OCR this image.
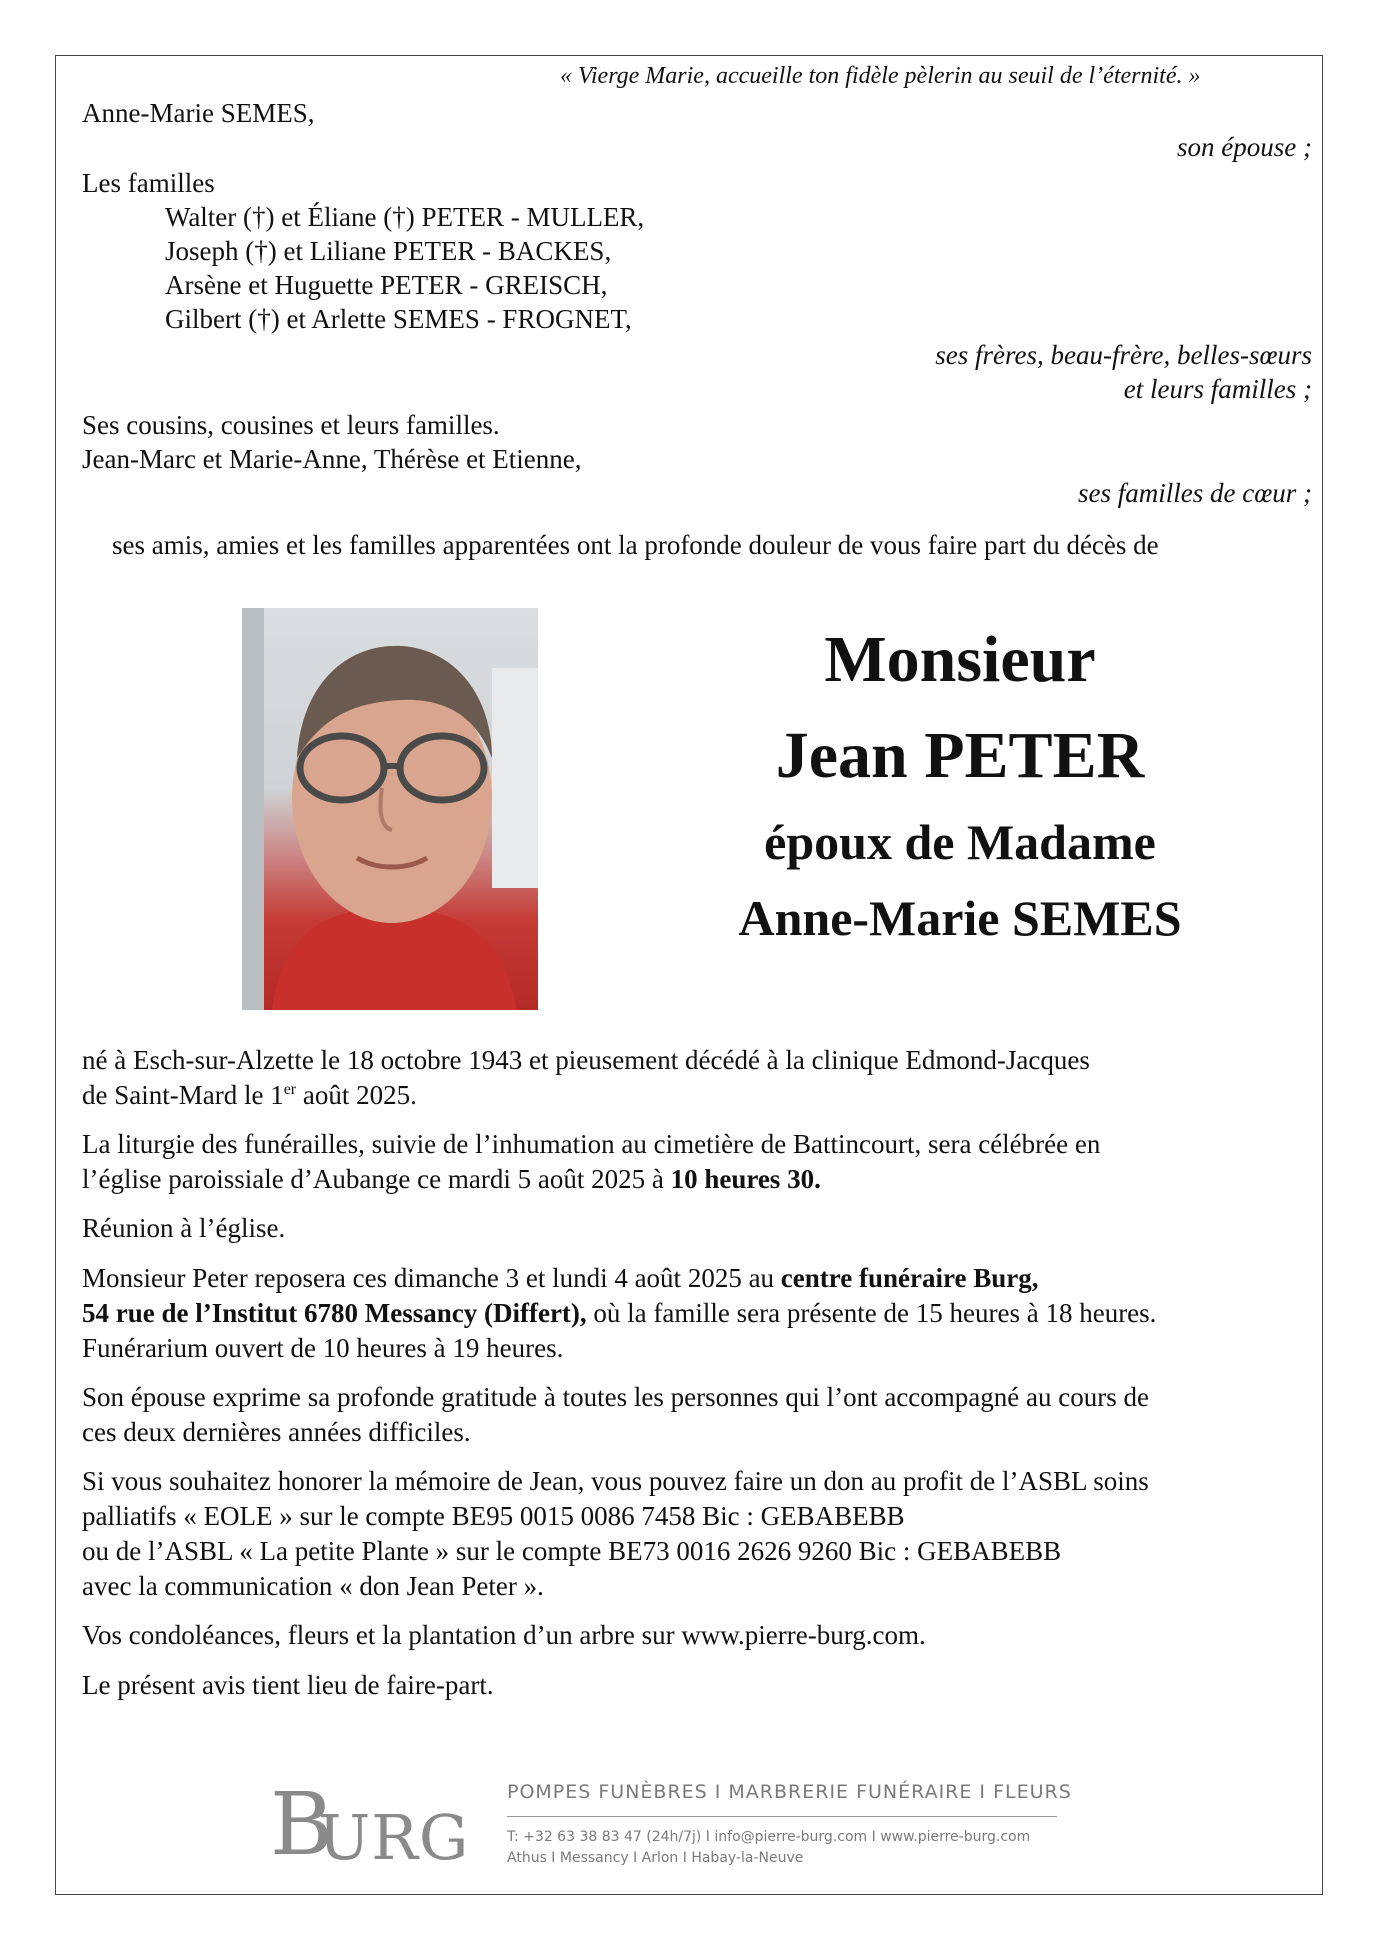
« Vierge Marie, accueille ton fidèle pèlerin au seuil de l’éternité. »
Anne-Marie SEMES,
son épouse ;
Les familles
Walter (†) et Éliane (†) PETER - MULLER,
Joseph (†) et Liliane PETER - BACKES,
Arsène et Huguette PETER - GREISCH,
Gilbert (†) et Arlette SEMES - FROGNET,
ses frères, beau-frère, belles-sœurs
et leurs familles ;
Ses cousins, cousines et leurs familles.
Jean-Marc et Marie-Anne, Thérèse et Etienne,
ses familles de cœur ;
ses amis, amies et les familles apparentées ont la profonde douleur de vous faire part du décès de
Monsieur
Jean PETER
époux de Madame
Anne-Marie SEMES

né à Esch-sur-Alzette le 18 octobre 1943 et pieusement décédé à la clinique Edmond-Jacques

de Saint-Mard le 1er août 2025.

La liturgie des funérailles, suivie de l’inhumation au cimetière de Battincourt, sera célébrée en

l’église paroissiale d’Aubange ce mardi 5 août 2025 à 10 heures 30.

Réunion à l’église.

Monsieur Peter reposera ces dimanche 3 et lundi 4 août 2025 au centre funéraire Burg,

54 rue de l’Institut 6780 Messancy (Differt), où la famille sera présente de 15 heures à 18 heures.

Funérarium ouvert de 10 heures à 19 heures.

Son épouse exprime sa profonde gratitude à toutes les personnes qui l’ont accompagné au cours de

ces deux dernières années difficiles.

Si vous souhaitez honorer la mémoire de Jean, vous pouvez faire un don au profit de l’ASBL soins

palliatifs « EOLE » sur le compte BE95 0015 0086 7458 Bic : GEBABEBB

ou de l’ASBL « La petite Plante » sur le compte BE73 0016 2626 9260 Bic : GEBABEBB

avec la communication « don Jean Peter ».

Vos condoléances, fleurs et la plantation d’un arbre sur www.pierre-burg.com.

Le présent avis tient lieu de faire-part.

B
URG
POMPES FUNÈBRES I MARBRERIE FUNÉRAIRE I FLEURS
T: +32 63 38 83 47 (24h/7j) I info@pierre-burg.com I www.pierre-burg.com
Athus I Messancy I Arlon I Habay-la-Neuve
